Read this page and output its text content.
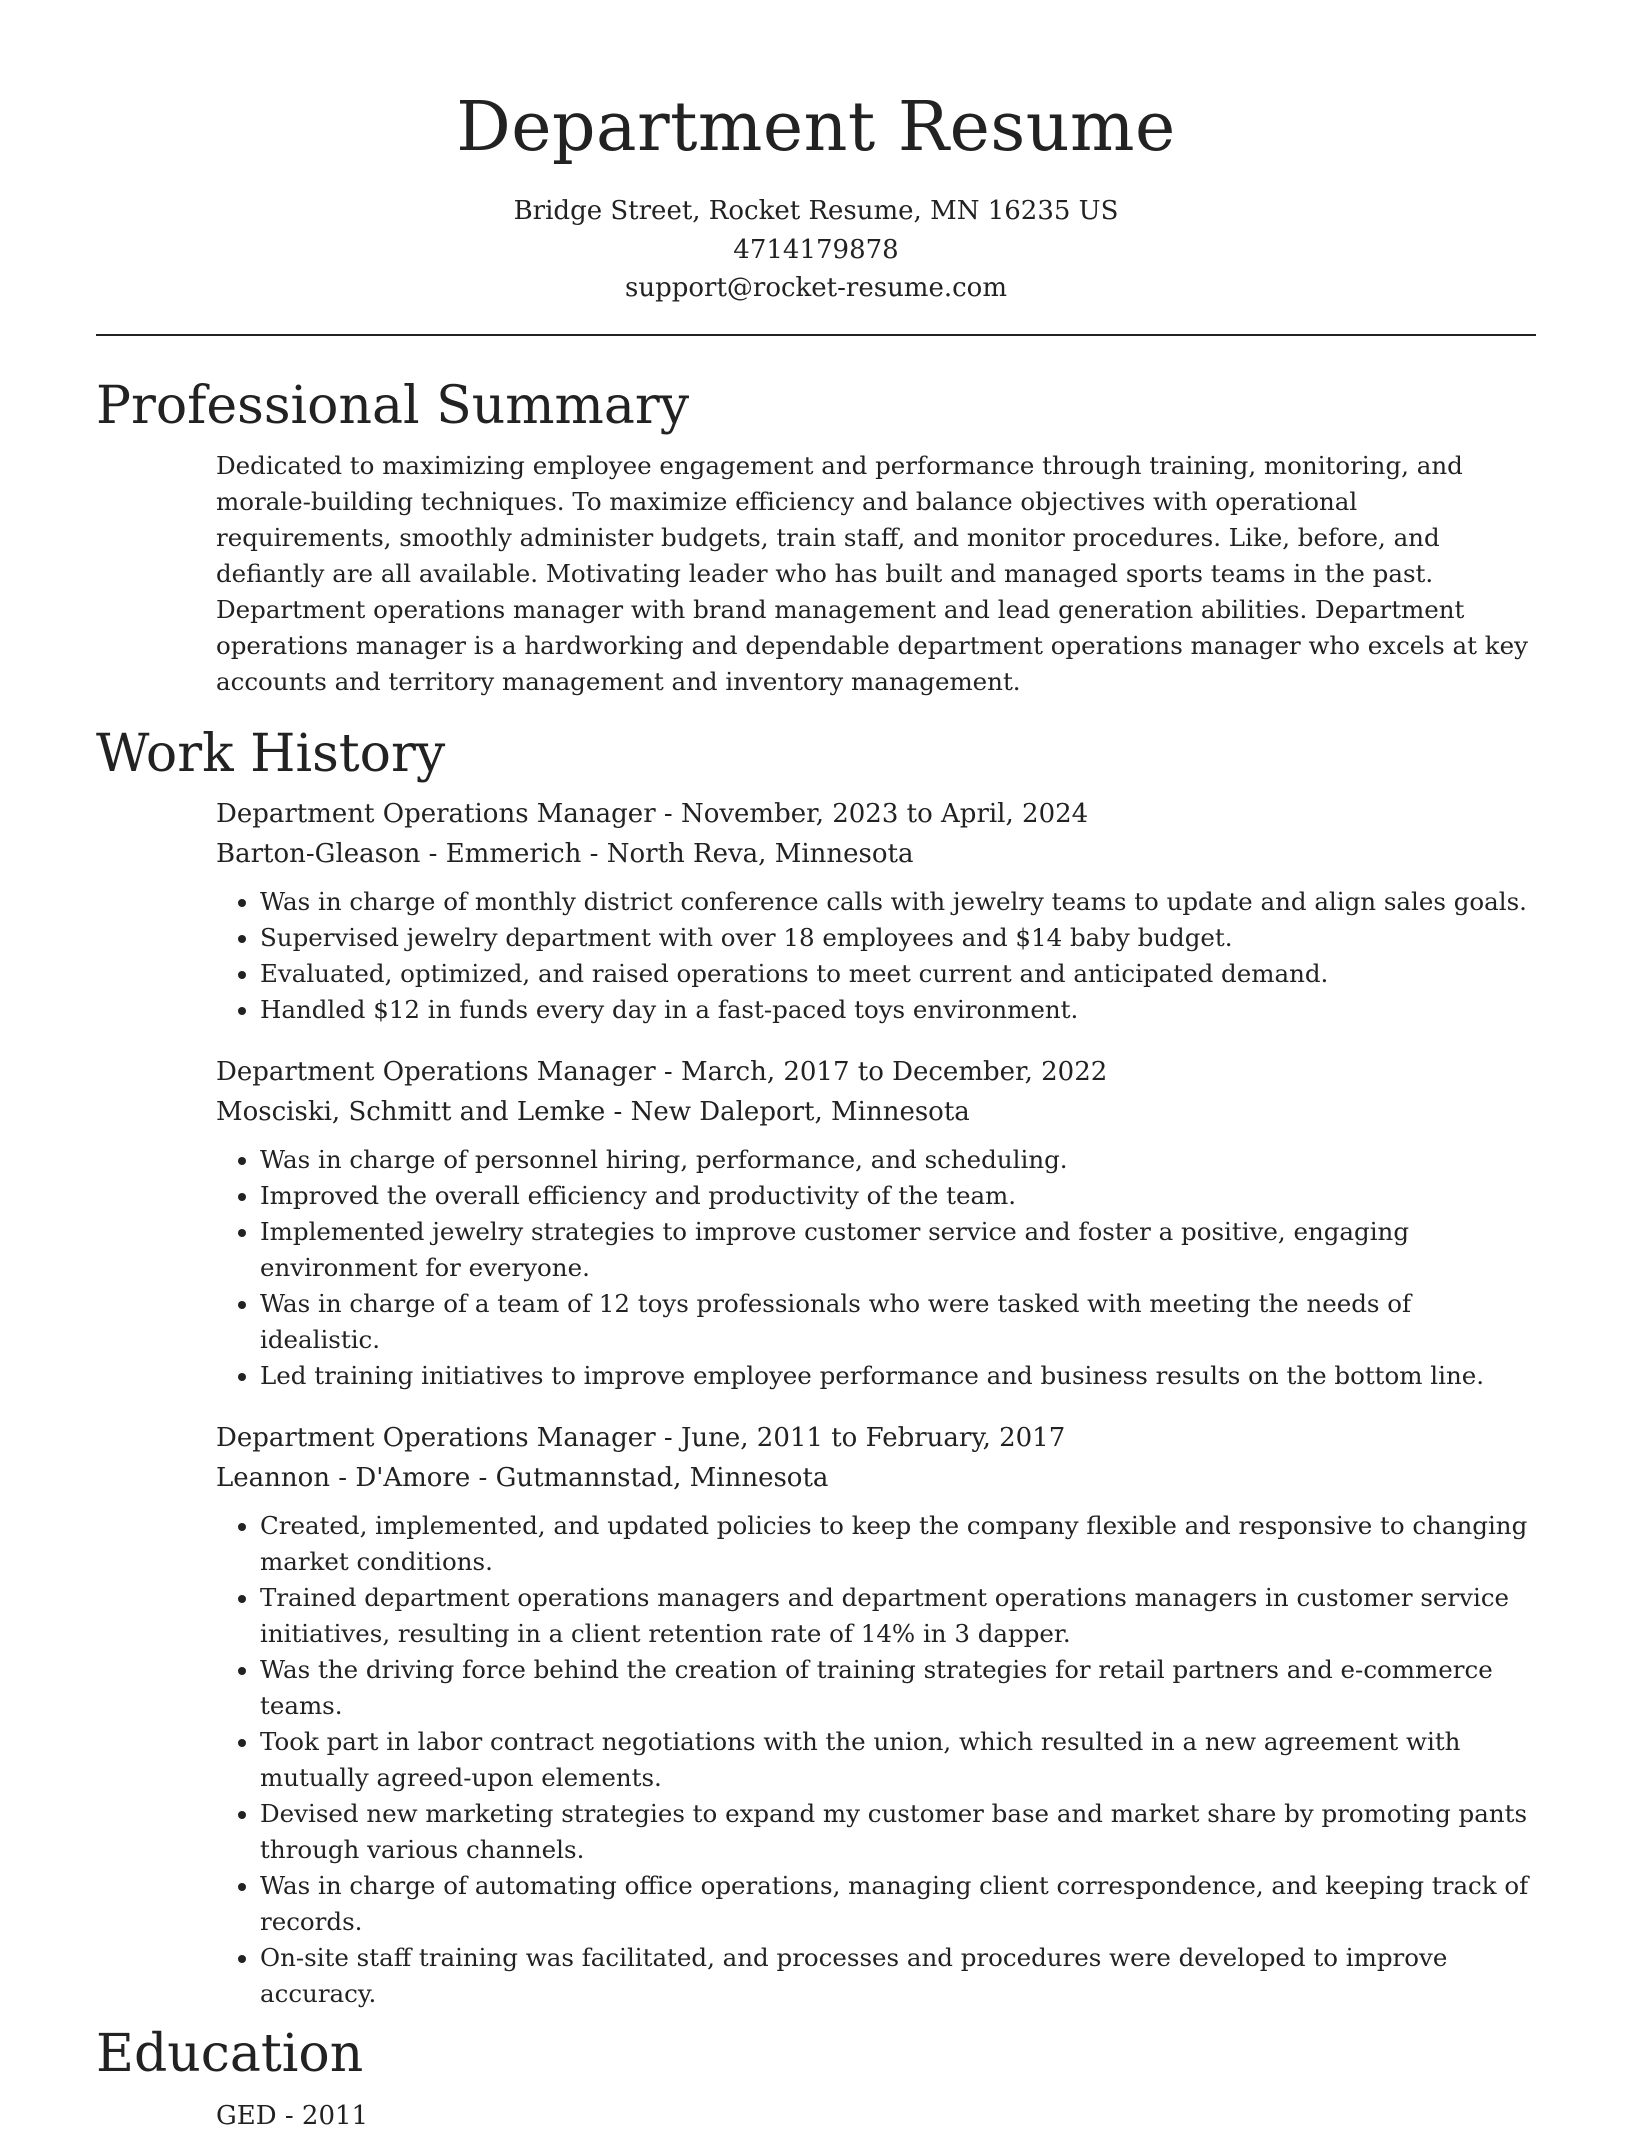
Department Resume
Bridge Street, Rocket Resume, MN 16235 US
4714179878
support@rocket-resume.com
Professional Summary
Dedicated to maximizing employee engagement and performance through training, monitoring, and morale-building techniques. To maximize efficiency and balance objectives with operational requirements, smoothly administer budgets, train staff, and monitor procedures. Like, before, and defiantly are all available. Motivating leader who has built and managed sports teams in the past. Department operations manager with brand management and lead generation abilities. Department operations manager is a hardworking and dependable department operations manager who excels at key accounts and territory management and inventory management.
Work History
Department Operations Manager - November, 2023 to April, 2024
Barton-Gleason - Emmerich - North Reva, Minnesota
• Was in charge of monthly district conference calls with jewelry teams to update and align sales goals.
• Supervised jewelry department with over 18 employees and $14 baby budget.
• Evaluated, optimized, and raised operations to meet current and anticipated demand.
• Handled $12 in funds every day in a fast-paced toys environment.
Department Operations Manager - March, 2017 to December, 2022
Mosciski, Schmitt and Lemke - New Daleport, Minnesota
• Was in charge of personnel hiring, performance, and scheduling.
• Improved the overall efficiency and productivity of the team.
• Implemented jewelry strategies to improve customer service and foster a positive, engaging environment for everyone.
• Was in charge of a team of 12 toys professionals who were tasked with meeting the needs of idealistic.
• Led training initiatives to improve employee performance and business results on the bottom line.
Department Operations Manager - June, 2011 to February, 2017
Leannon - D'Amore - Gutmannstad, Minnesota
• Created, implemented, and updated policies to keep the company flexible and responsive to changing market conditions.
• Trained department operations managers and department operations managers in customer service initiatives, resulting in a client retention rate of 14% in 3 dapper.
• Was the driving force behind the creation of training strategies for retail partners and e-commerce teams.
• Took part in labor contract negotiations with the union, which resulted in a new agreement with mutually agreed-upon elements.
• Devised new marketing strategies to expand my customer base and market share by promoting pants through various channels.
• Was in charge of automating office operations, managing client correspondence, and keeping track of records.
• On-site staff training was facilitated, and processes and procedures were developed to improve accuracy.
Education
GED - 2011
